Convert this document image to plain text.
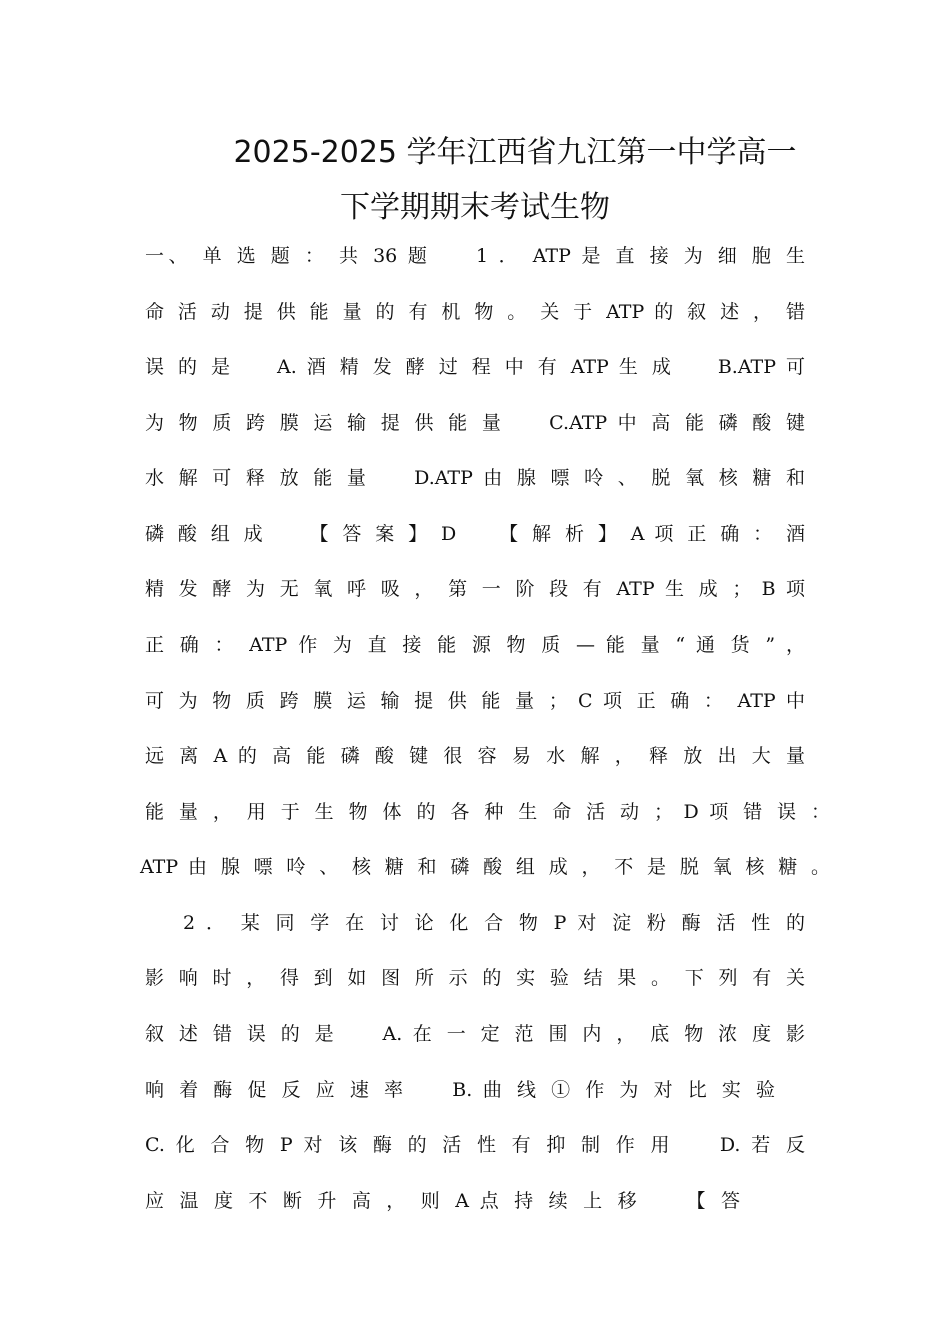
2025-2025 学年江西省九江第一中学高一
下学期期末考试生物
一、 单 选 题 ： 共 36 题 　 1 ． ATP 是 直 接 为 细 胞 生
命 活 动 提 供 能 量 的 有 机 物 。 关 于 ATP 的 叙 述 ， 错
误 的 是 　 A. 酒 精 发 酵 过 程 中 有 ATP 生 成 　 B.ATP 可
为 物 质 跨 膜 运 输 提 供 能 量 　 C.ATP 中 高 能 磷 酸 键
水 解 可 释 放 能 量 　 D.ATP 由 腺 嘌 呤 、 脱 氧 核 糖 和
磷 酸 组 成 　 【 答 案 】 D 　 【 解 析 】 A 项 正 确 ： 酒
精 发 酵 为 无 氧 呼 吸 ， 第 一 阶 段 有 ATP 生 成 ； B 项
正 确 ： ATP 作 为 直 接 能 源 物 质 — 能 量 “ 通 货 ” ，
可 为 物 质 跨 膜 运 输 提 供 能 量 ； C 项 正 确 ： ATP 中
远 离 A 的 高 能 磷 酸 键 很 容 易 水 解 ， 释 放 出 大 量
能 量 ， 用 于 生 物 体 的 各 种 生 命 活 动 ； D 项 错 误 ：
ATP 由 腺 嘌 呤 、 核 糖 和 磷 酸 组 成 ， 不 是 脱 氧 核 糖 。
2 ． 某 同 学 在 讨 论 化 合 物 P 对 淀 粉 酶 活 性 的
影 响 时 ， 得 到 如 图 所 示 的 实 验 结 果 。 下 列 有 关
叙 述 错 误 的 是 　 A. 在 一 定 范 围 内 ， 底 物 浓 度 影
响 着 酶 促 反 应 速 率 　 B. 曲 线 ① 作 为 对 比 实 验
C. 化 合 物 P 对 该 酶 的 活 性 有 抑 制 作 用 　 D. 若 反
应 温 度 不 断 升 高 ， 则 A 点 持 续 上 移 　 【 答
